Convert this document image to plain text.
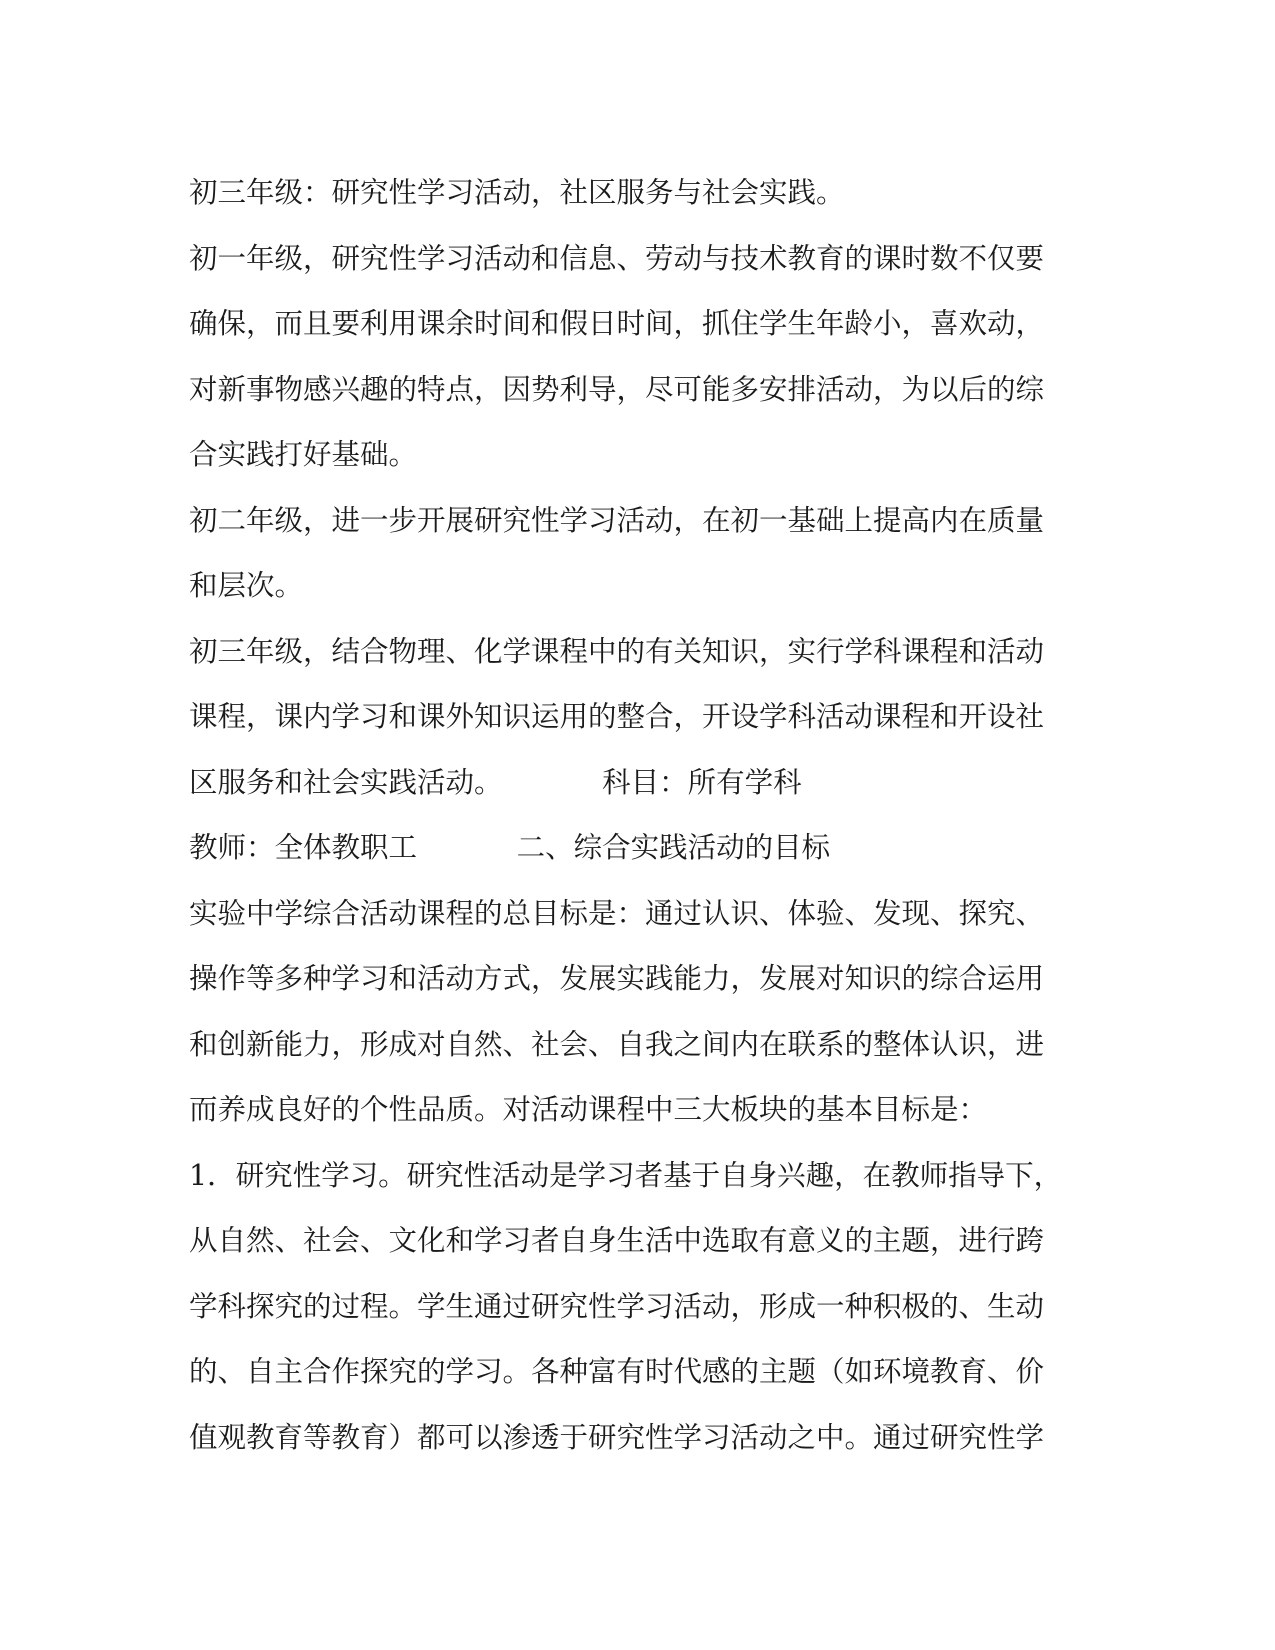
初三年级：研究性学习活动，社区服务与社会实践。
初一年级，研究性学习活动和信息、劳动与技术教育的课时数不仅要
确保，而且要利用课余时间和假日时间，抓住学生年龄小，喜欢动，
对新事物感兴趣的特点，因势利导，尽可能多安排活动，为以后的综
合实践打好基础。
初二年级，进一步开展研究性学习活动，在初一基础上提高内在质量
和层次。
初三年级，结合物理、化学课程中的有关知识，实行学科课程和活动
课程，课内学习和课外知识运用的整合，开设学科活动课程和开设社
区服务和社会实践活动。           科目：所有学科
教师：全体教职工           二、综合实践活动的目标
实验中学综合活动课程的总目标是：通过认识、体验、发现、探究、
操作等多种学习和活动方式，发展实践能力，发展对知识的综合运用
和创新能力，形成对自然、社会、自我之间内在联系的整体认识，进
而养成良好的个性品质。对活动课程中三大板块的基本目标是：
1．研究性学习。研究性活动是学习者基于自身兴趣，在教师指导下，
从自然、社会、文化和学习者自身生活中选取有意义的主题，进行跨
学科探究的过程。学生通过研究性学习活动，形成一种积极的、生动
的、自主合作探究的学习。各种富有时代感的主题（如环境教育、价
值观教育等教育）都可以渗透于研究性学习活动之中。通过研究性学
